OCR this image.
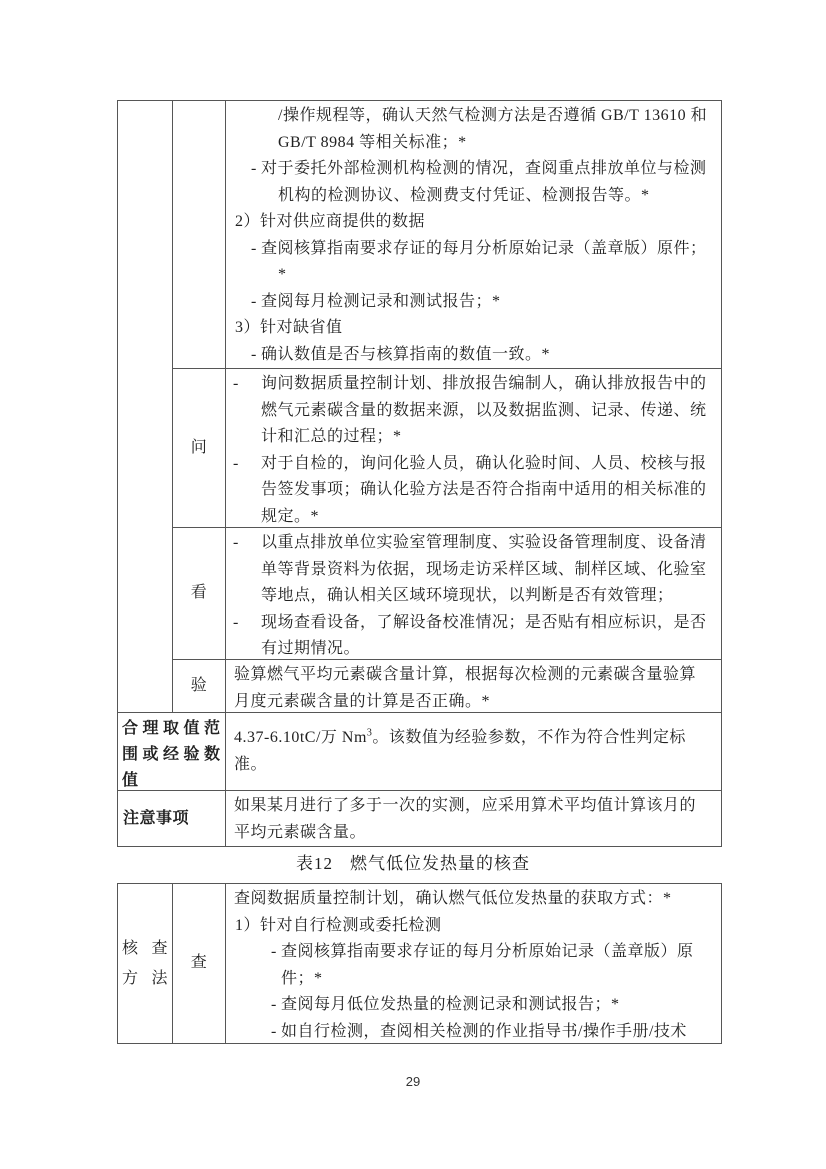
/操作规程等，确认天然气检测方法是否遵循 GB/T 13610 和 GB/T 8984 等相关标准；*
- 对于委托外部检测机构检测的情况，查阅重点排放单位与检测机构的检测协议、检测费支付凭证、检测报告等。*
2）针对供应商提供的数据
- 查阅核算指南要求存证的每月分析原始记录（盖章版）原件；
*
- 查阅每月检测记录和测试报告；*
3）针对缺省值
- 确认数值是否与核算指南的数值一致。*
问
- 询问数据质量控制计划、排放报告编制人，确认排放报告中的燃气元素碳含量的数据来源，以及数据监测、记录、传递、统计和汇总的过程；*
- 对于自检的，询问化验人员，确认化验时间、人员、校核与报告签发事项；确认化验方法是否符合指南中适用的相关标准的规定。*
看
- 以重点排放单位实验室管理制度、实验设备管理制度、设备清单等背景资料为依据，现场走访采样区域、制样区域、化验室等地点，确认相关区域环境现状，以判断是否有效管理；
- 现场查看设备，了解设备校准情况；是否贴有相应标识，是否有过期情况。
验
验算燃气平均元素碳含量计算，根据每次检测的元素碳含量验算月度元素碳含量的计算是否正确。*
合理取值范围或经验数值
4.37-6.10tC/万 Nm$^3$。该数值为经验参数，不作为符合性判定标准。
注意事项
如果某月进行了多于一次的实测，应采用算术平均值计算该月的平均元素碳含量。
表12 燃气低位发热量的核查
核查方法
查
查阅数据质量控制计划，确认燃气低位发热量的获取方式：*
1）针对自行检测或委托检测
- 查阅核算指南要求存证的每月分析原始记录（盖章版）原件；*
- 查阅每月低位发热量的检测记录和测试报告；*
- 如自行检测，查阅相关检测的作业指导书/操作手册/技术
29
